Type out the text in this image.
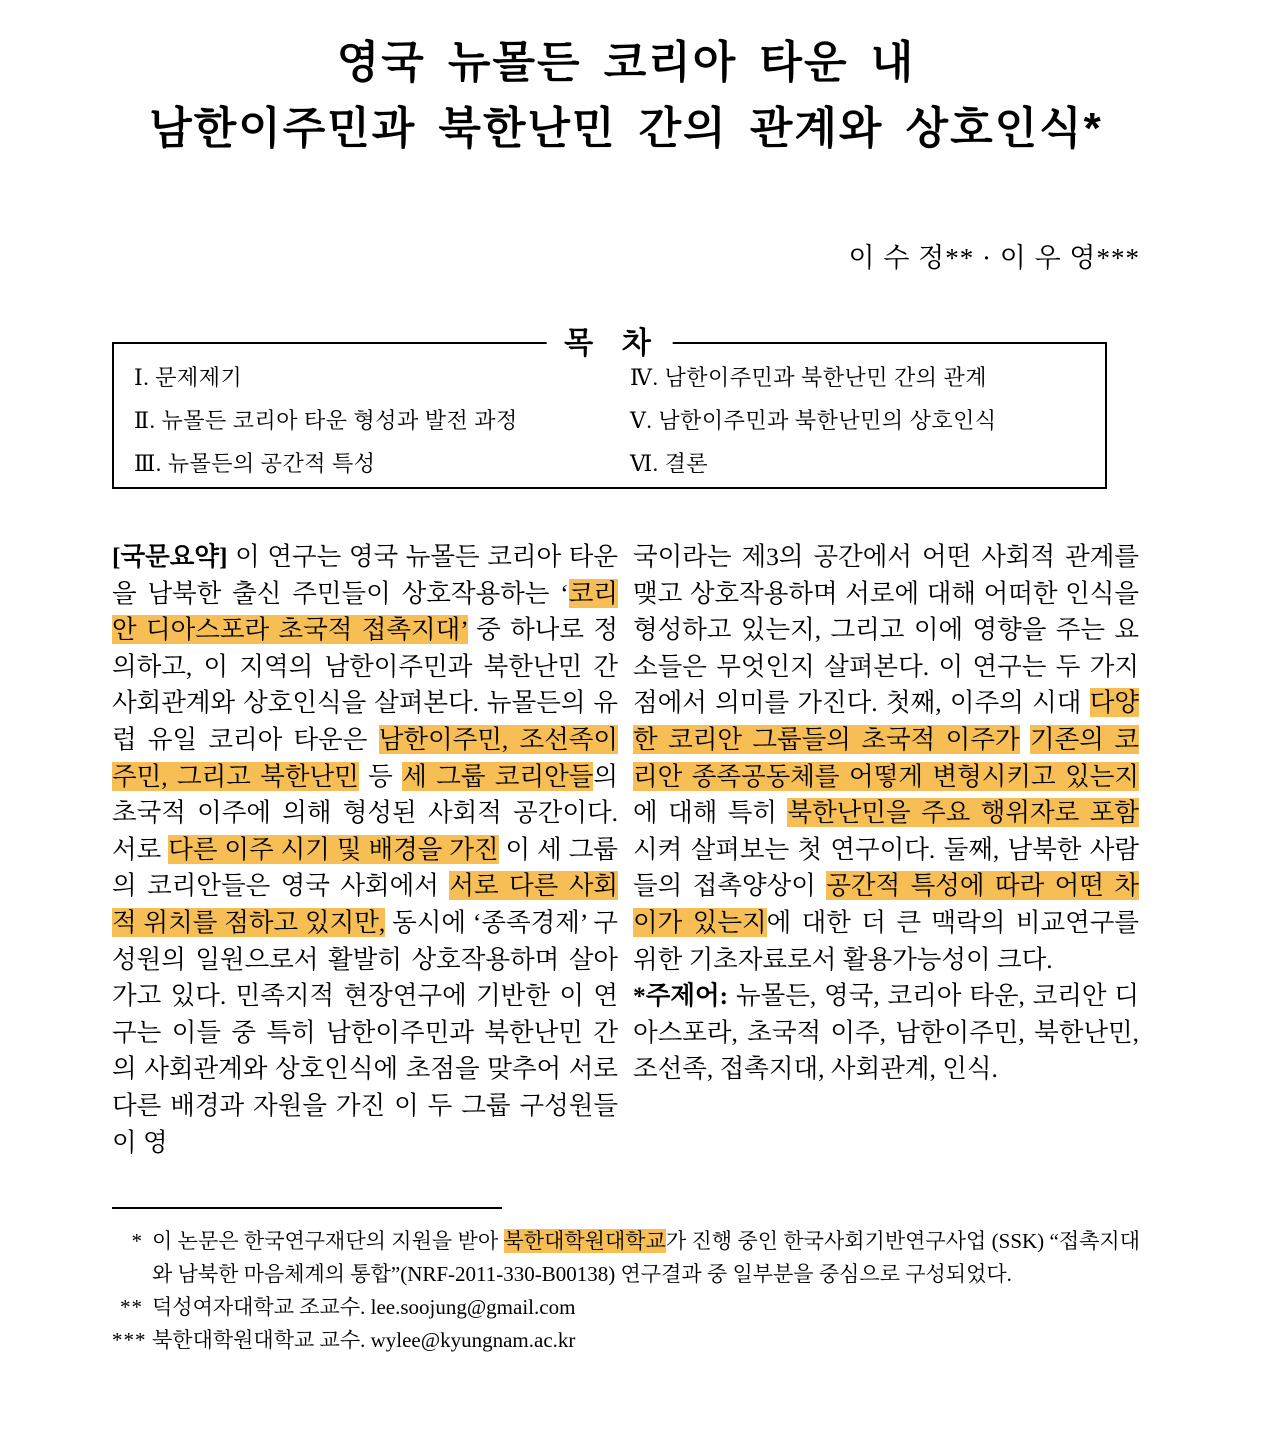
영국 뉴몰든 코리아 타운 내
남한이주민과 북한난민 간의 관계와 상호인식*
이 수 정** · 이 우 영***
목  차
Ⅰ. 문제제기
Ⅱ. 뉴몰든 코리아 타운 형성과 발전 과정
Ⅲ. 뉴몰든의 공간적 특성
Ⅳ. 남한이주민과 북한난민 간의 관계
Ⅴ. 남한이주민과 북한난민의 상호인식
Ⅵ. 결론

[국문요약] 이 연구는 영국 뉴몰든 코리아 타운을 남북한 출신 주민들이 상호작용하는 ‘코리안 디아스포라 초국적 접촉지대’ 중 하나로 정의하고, 이 지역의 남한이주민과 북한난민 간 사회관계와 상호인식을 살펴본다. 뉴몰든의 유럽 유일 코리아 타운은 남한이주민, 조선족이주민, 그리고 북한난민 등 세 그룹 코리안들의 초국적 이주에 의해 형성된 사회적 공간이다. 서로 다른 이주 시기 및 배경을 가진 이 세 그룹의 코리안들은 영국 사회에서 서로 다른 사회적 위치를 점하고 있지만, 동시에 ‘종족경제’ 구성원의 일원으로서 활발히 상호작용하며 살아가고 있다. 민족지적 현장연구에 기반한 이 연구는 이들 중 특히 남한이주민과 북한난민 간의 사회관계와 상호인식에 초점을 맞추어 서로 다른 배경과 자원을 가진 이 두 그룹 구성원들이 영

국이라는 제3의 공간에서 어떤 사회적 관계를 맺고 상호작용하며 서로에 대해 어떠한 인식을 형성하고 있는지, 그리고 이에 영향을 주는 요소들은 무엇인지 살펴본다. 이 연구는 두 가지 점에서 의미를 가진다. 첫째, 이주의 시대 다양한 코리안 그룹들의 초국적 이주가 기존의 코리안 종족공동체를 어떻게 변형시키고 있는지에 대해 특히 북한난민을 주요 행위자로 포함시켜 살펴보는 첫 연구이다. 둘째, 남북한 사람들의 접촉양상이 공간적 특성에 따라 어떤 차이가 있는지에 대한 더 큰 맥락의 비교연구를 위한 기초자료로서 활용가능성이 크다.

*주제어: 뉴몰든, 영국, 코리아 타운, 코리안 디아스포라, 초국적 이주, 남한이주민, 북한난민, 조선족, 접촉지대, 사회관계, 인식.

* 이 논문은 한국연구재단의 지원을 받아 북한대학원대학교가 진행 중인 한국사회기반연구사업 (SSK) “접촉지대와 남북한 마음체계의 통합”(NRF-2011-330-B00138) 연구결과 중 일부분을 중심으로 구성되었다.
** 덕성여자대학교 조교수. lee.soojung@gmail.com
*** 북한대학원대학교 교수. wylee@kyungnam.ac.kr
